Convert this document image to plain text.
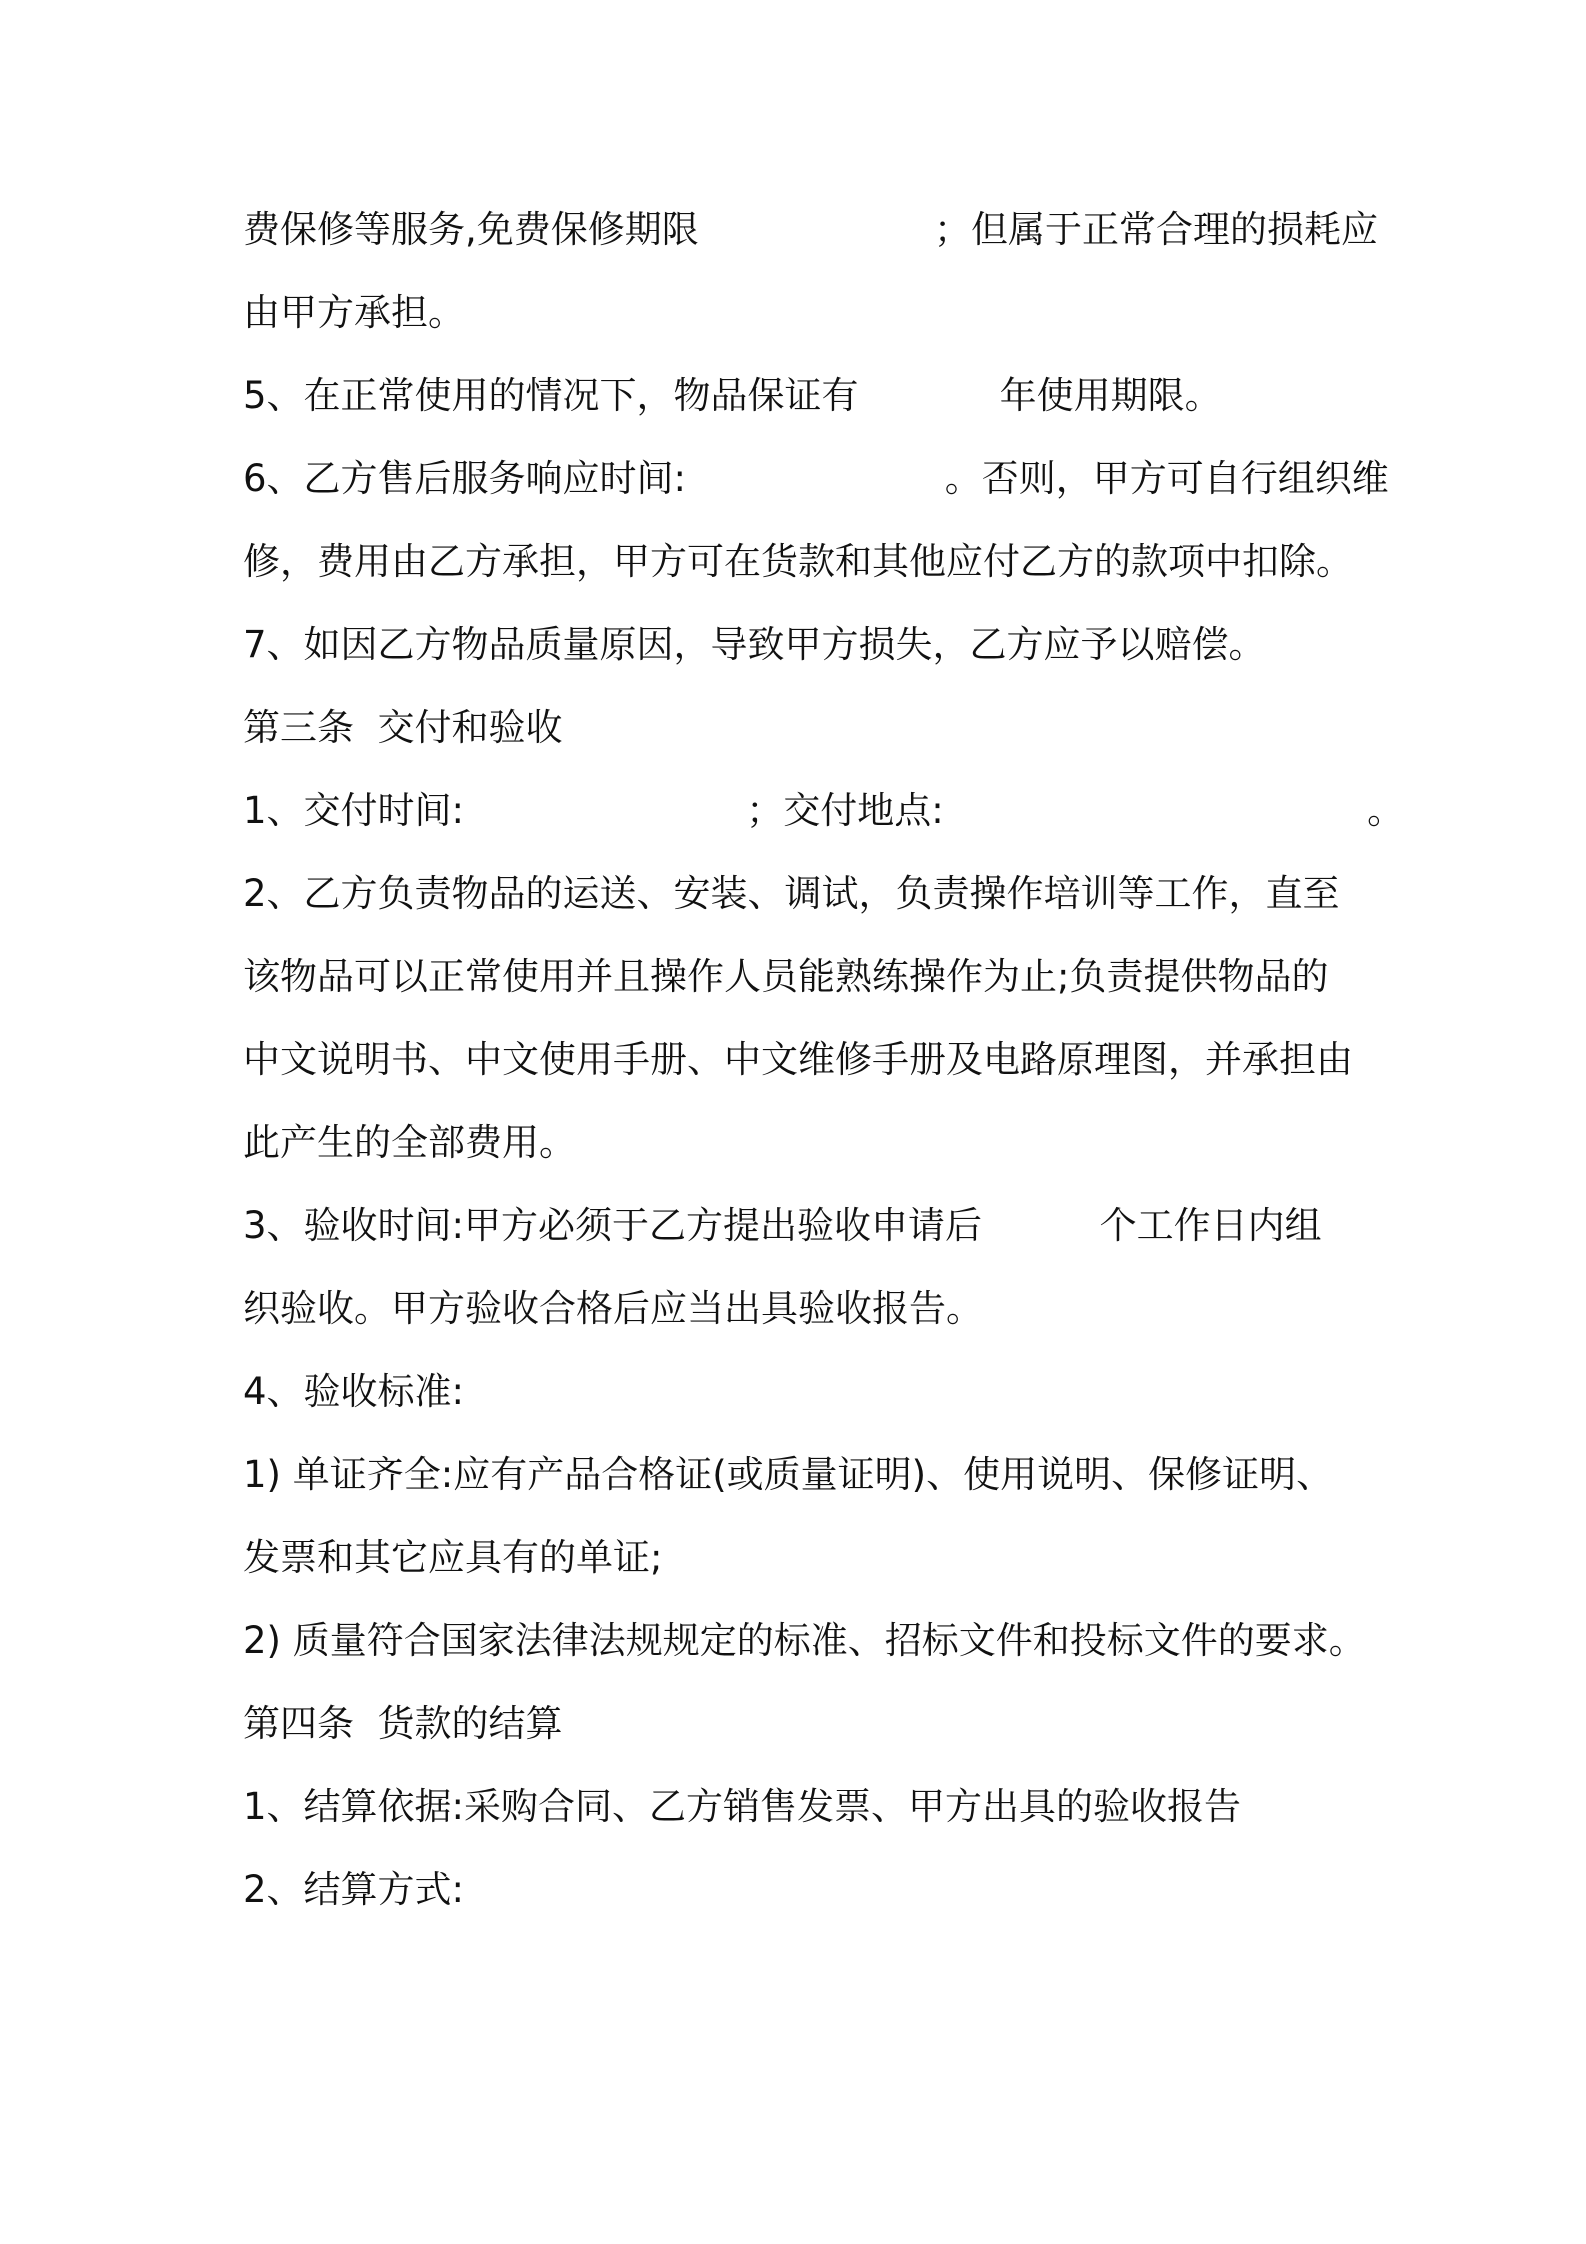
费保修等服务,免费保修期限                    ；但属于正常合理的损耗应
由甲方承担。
5、在正常使用的情况下，物品保证有            年使用期限。
6、乙方售后服务响应时间:                      。否则，甲方可自行组织维
修，费用由乙方承担，甲方可在货款和其他应付乙方的款项中扣除。
7、如因乙方物品质量原因，导致甲方损失，乙方应予以赔偿。
第三条  交付和验收
1、交付时间:                        ；交付地点:                                    。
2、乙方负责物品的运送、安装、调试，负责操作培训等工作，直至
该物品可以正常使用并且操作人员能熟练操作为止;负责提供物品的
中文说明书、中文使用手册、中文维修手册及电路原理图，并承担由
此产生的全部费用。
3、验收时间:甲方必须于乙方提出验收申请后          个工作日内组
织验收。甲方验收合格后应当出具验收报告。
4、验收标准:
1) 单证齐全:应有产品合格证(或质量证明)、使用说明、保修证明、
发票和其它应具有的单证;
2) 质量符合国家法律法规规定的标准、招标文件和投标文件的要求。
第四条  货款的结算
1、结算依据:采购合同、乙方销售发票、甲方出具的验收报告
2、结算方式:
